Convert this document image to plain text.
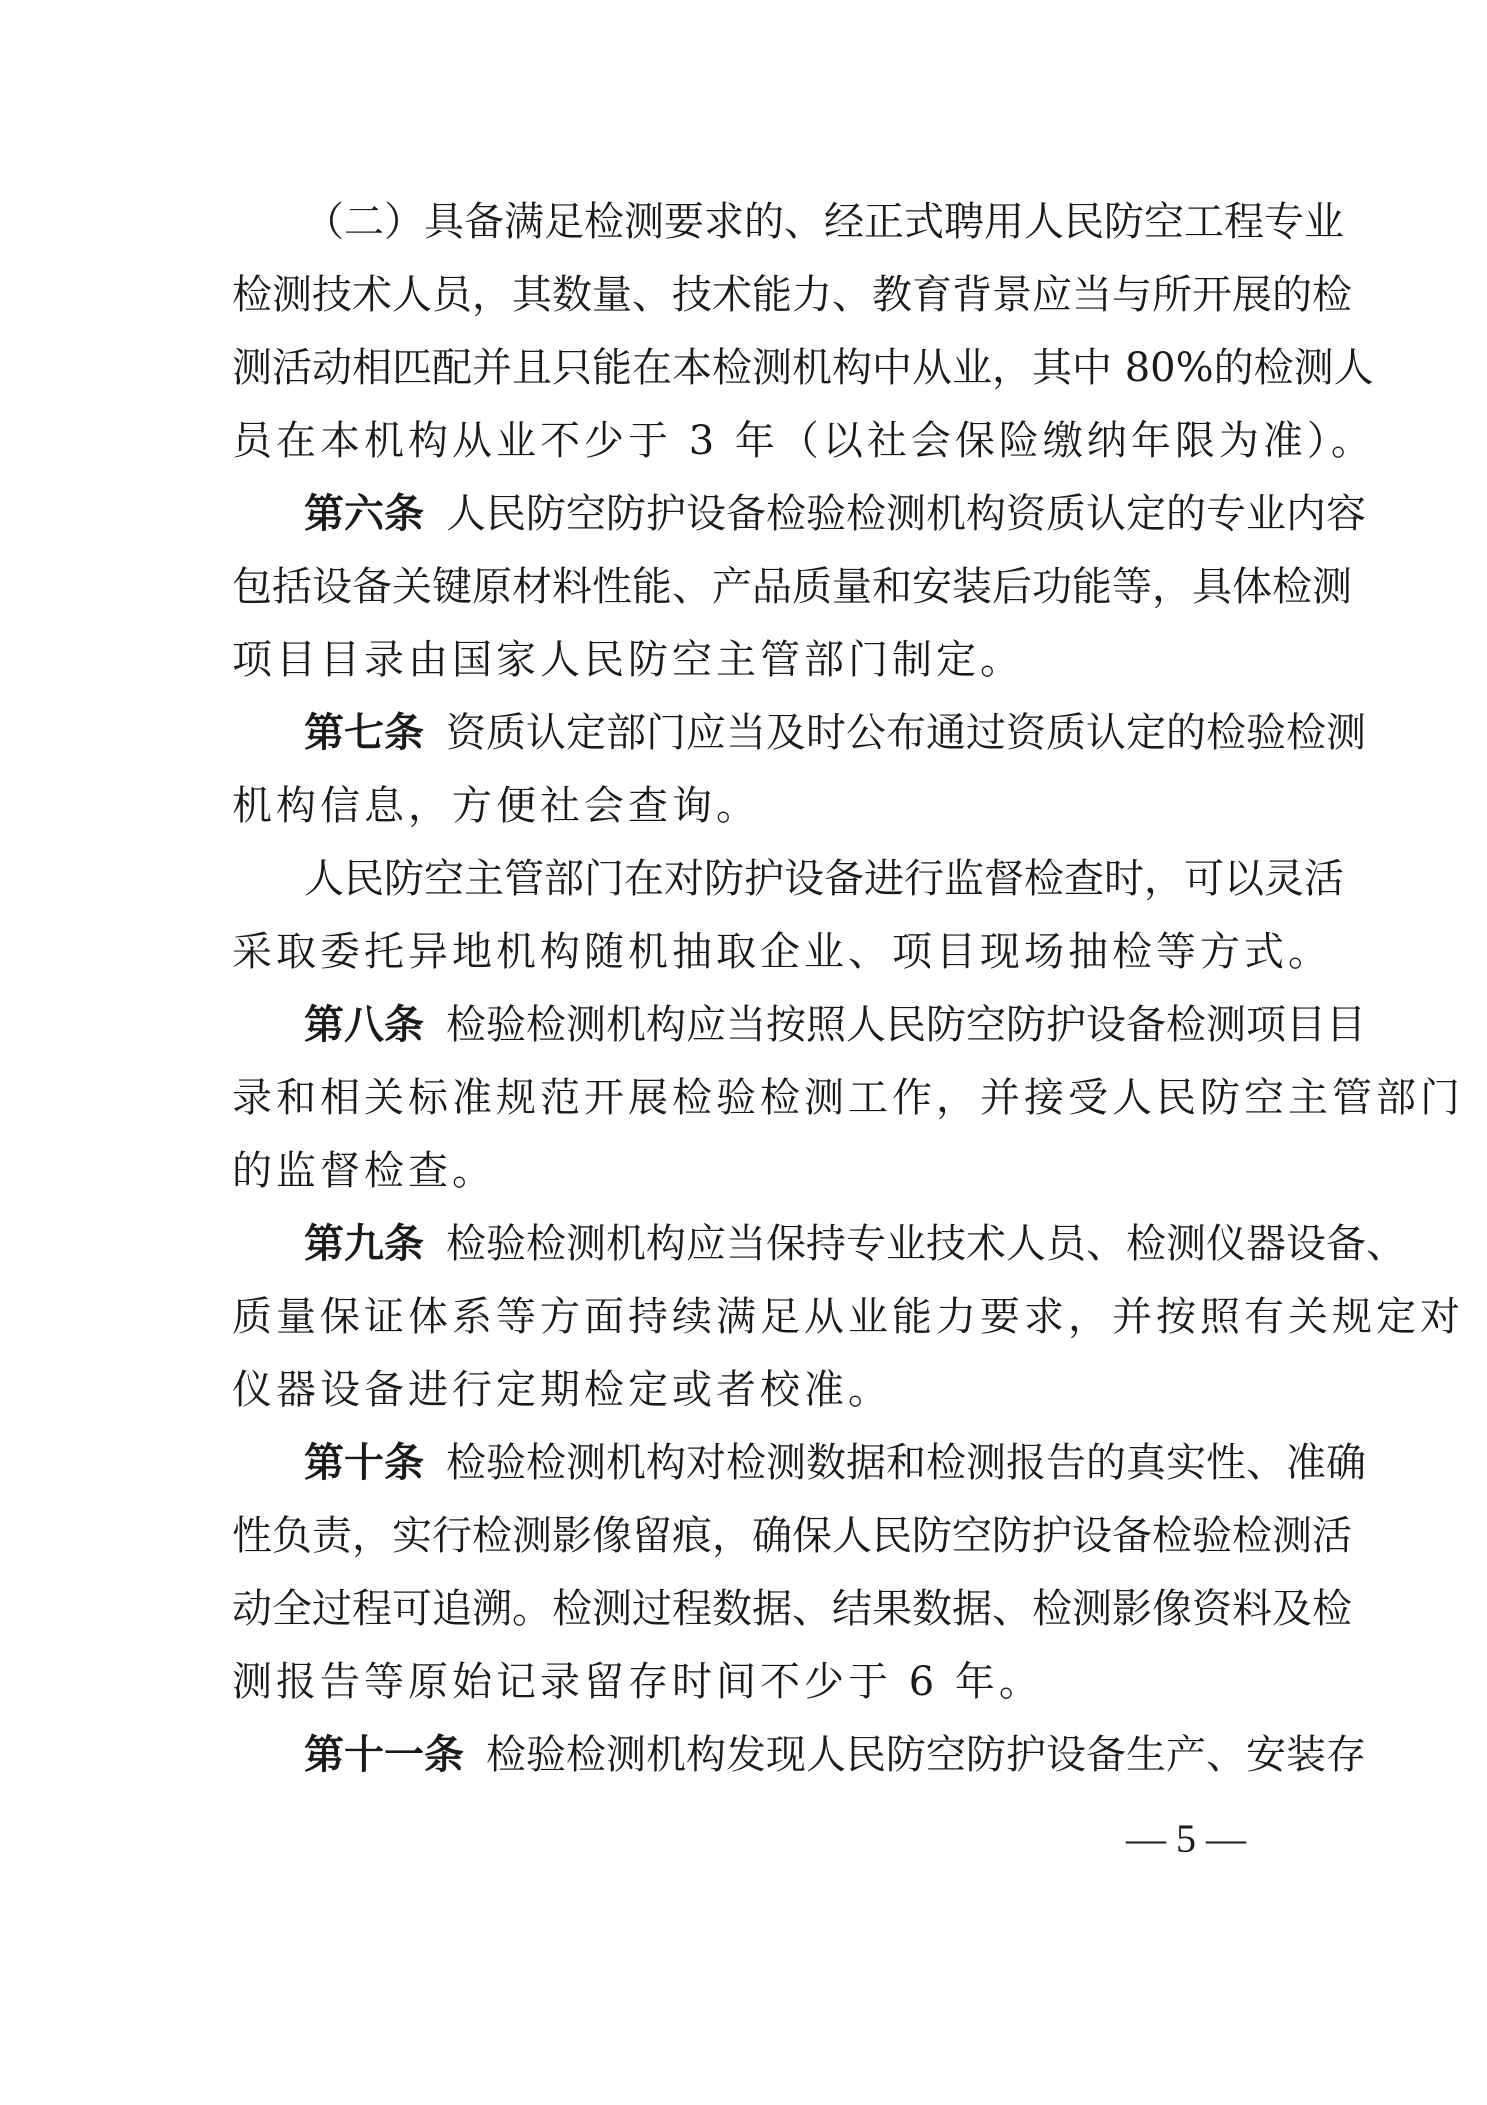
（二）具备满足检测要求的、经正式聘用人民防空工程专业
检测技术人员，其数量、技术能力、教育背景应当与所开展的检
测活动相匹配并且只能在本检测机构中从业，其中 80%的检测人
员在本机构从业不少于 3 年（以社会保险缴纳年限为准）。
第六条 人民防空防护设备检验检测机构资质认定的专业内容
包括设备关键原材料性能、产品质量和安装后功能等，具体检测
项目目录由国家人民防空主管部门制定。
第七条 资质认定部门应当及时公布通过资质认定的检验检测
机构信息，方便社会查询。
人民防空主管部门在对防护设备进行监督检查时，可以灵活
采取委托异地机构随机抽取企业、项目现场抽检等方式。
第八条 检验检测机构应当按照人民防空防护设备检测项目目
录和相关标准规范开展检验检测工作，并接受人民防空主管部门
的监督检查。
第九条 检验检测机构应当保持专业技术人员、检测仪器设备、
质量保证体系等方面持续满足从业能力要求，并按照有关规定对
仪器设备进行定期检定或者校准。
第十条 检验检测机构对检测数据和检测报告的真实性、准确
性负责，实行检测影像留痕，确保人民防空防护设备检验检测活
动全过程可追溯。检测过程数据、结果数据、检测影像资料及检
测报告等原始记录留存时间不少于 6 年。
第十一条 检验检测机构发现人民防空防护设备生产、安装存
— 5 —
